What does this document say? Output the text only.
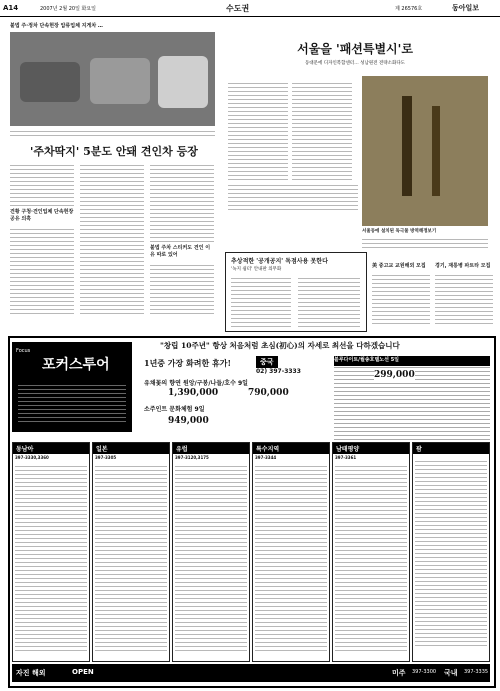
A14	2007년 2월 20일 화요일	수도권	제 26576호	동아일보
불법 주·정차 단속현장 압류업체 지게차 …
'주차딱지' 5분도 안돼 견인차 등장
견황 구청·견인업체 단속현장 공유 의혹
불법 주차 스티커도 견인 이유 따로 있어
서울을 '패션특별시'로
동대문에 디자인복합센터… 성남원전 전략소화다도
서울동에 설치된 독극물 방역해정보기
추상적한 '공개공지' 독점사용 못한다
'녹지 쉼터' 안내판 의무화
美 중고교 교원해외 모집	경기, 재롱병 파트타 모집
"창립 10주년" 항상 처음처럼 초심(初心)의 자세로 최선을 다하겠습니다
Focus
포커스투어	1년중 가장 화려한 휴가!	중국
02) 397-3333
유채꽃의 향연 원앙/구봉/나들/호수 9일
1,390,000	790,000
소주인트 문화체험 9일
949,000
블루다이트/월송호텔노선 5일
299,000
동남아
397-3330,3360
일본
397-3305
유럽
397-3120,3175
특수지역
397-3344
남태평양
397-3361
괌
자진 해외	OPEN	미주 397-3300 국내 397-3335
